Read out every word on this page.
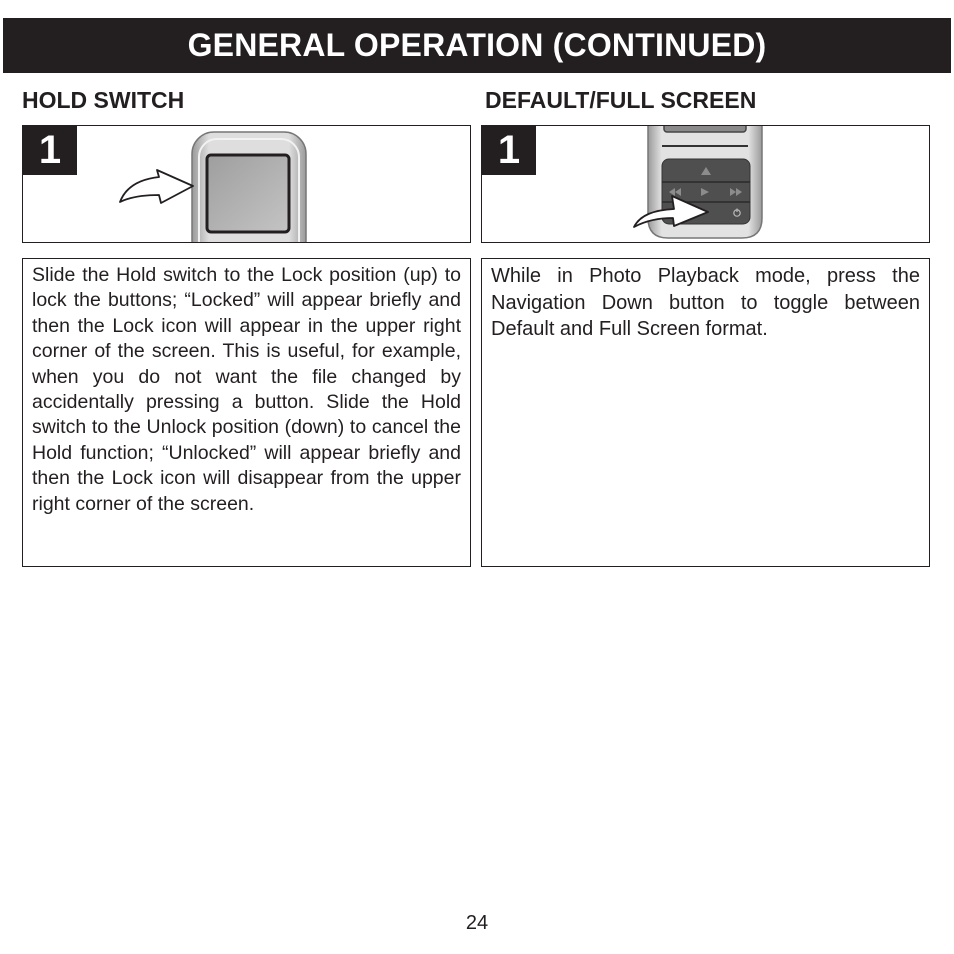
GENERAL OPERATION (CONTINUED)
HOLD SWITCH	DEFAULT/FULL SCREEN
1	1

Slide the Hold switch to the Lock position (up) to lock the buttons; “Locked” will appear briefly and then the Lock icon will appear in the upper right corner of the screen. This is useful, for example, when you do not want the file changed by accidentally pressing a button. Slide the Hold switch to the Unlock position (down) to cancel the Hold function; “Unlocked” will appear briefly and then the Lock icon will disappear from the upper right corner of the screen.

While in Photo Playback mode, press the Navigation Down button to toggle between Default and Full Screen format.

24
